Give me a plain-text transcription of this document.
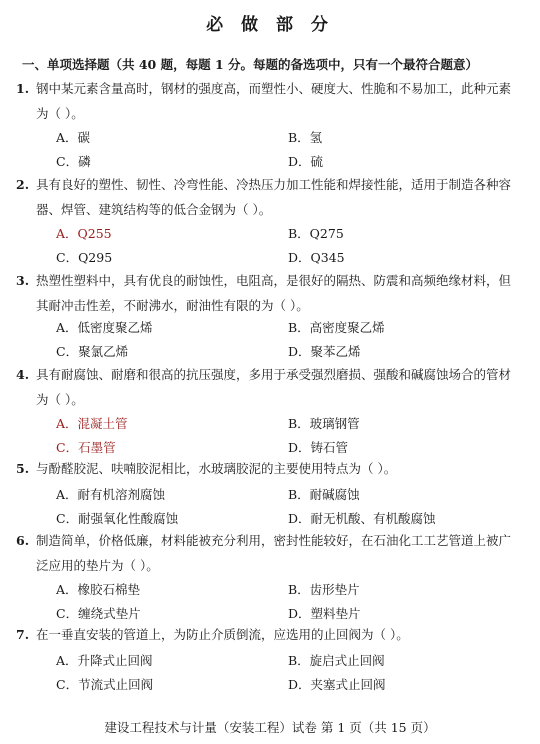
必 做 部 分
一、单项选择题（共 40 题，每题 1 分。每题的备选项中，只有一个最符合题意）
1. 钢中某元素含量高时，钢材的强度高，而塑性小、硬度大、性脆和不易加工，此种元素为（ ）。
A．碳	B．氢
C．磷	D．硫
2. 具有良好的塑性、韧性、冷弯性能、冷热压力加工性能和焊接性能，适用于制造各种容器、焊管、建筑结构等的低合金钢为（ ）。
A．Q255	B．Q275
C．Q295	D．Q345
3. 热塑性塑料中，具有优良的耐蚀性，电阻高，是很好的隔热、防震和高频绝缘材料，但其耐冲击性差，不耐沸水，耐油性有限的为（ ）。
A．低密度聚乙烯	B．高密度聚乙烯
C．聚氯乙烯	D．聚苯乙烯
4. 具有耐腐蚀、耐磨和很高的抗压强度，多用于承受强烈磨损、强酸和碱腐蚀场合的管材为（ ）。
A．混凝土管	B．玻璃钢管
C．石墨管	D．铸石管
5. 与酚醛胶泥、呋喃胶泥相比，水玻璃胶泥的主要使用特点为（ ）。
A．耐有机溶剂腐蚀	B．耐碱腐蚀
C．耐强氧化性酸腐蚀	D．耐无机酸、有机酸腐蚀
6. 制造简单，价格低廉，材料能被充分利用，密封性能较好，在石油化工工艺管道上被广泛应用的垫片为（ ）。
A．橡胶石棉垫	B．齿形垫片
C．缠绕式垫片	D．塑料垫片
7. 在一垂直安装的管道上，为防止介质倒流，应选用的止回阀为（ ）。
A．升降式止回阀	B．旋启式止回阀
C．节流式止回阀	D．夹塞式止回阀
建设工程技术与计量（安装工程）试卷 第 1 页（共 15 页）
